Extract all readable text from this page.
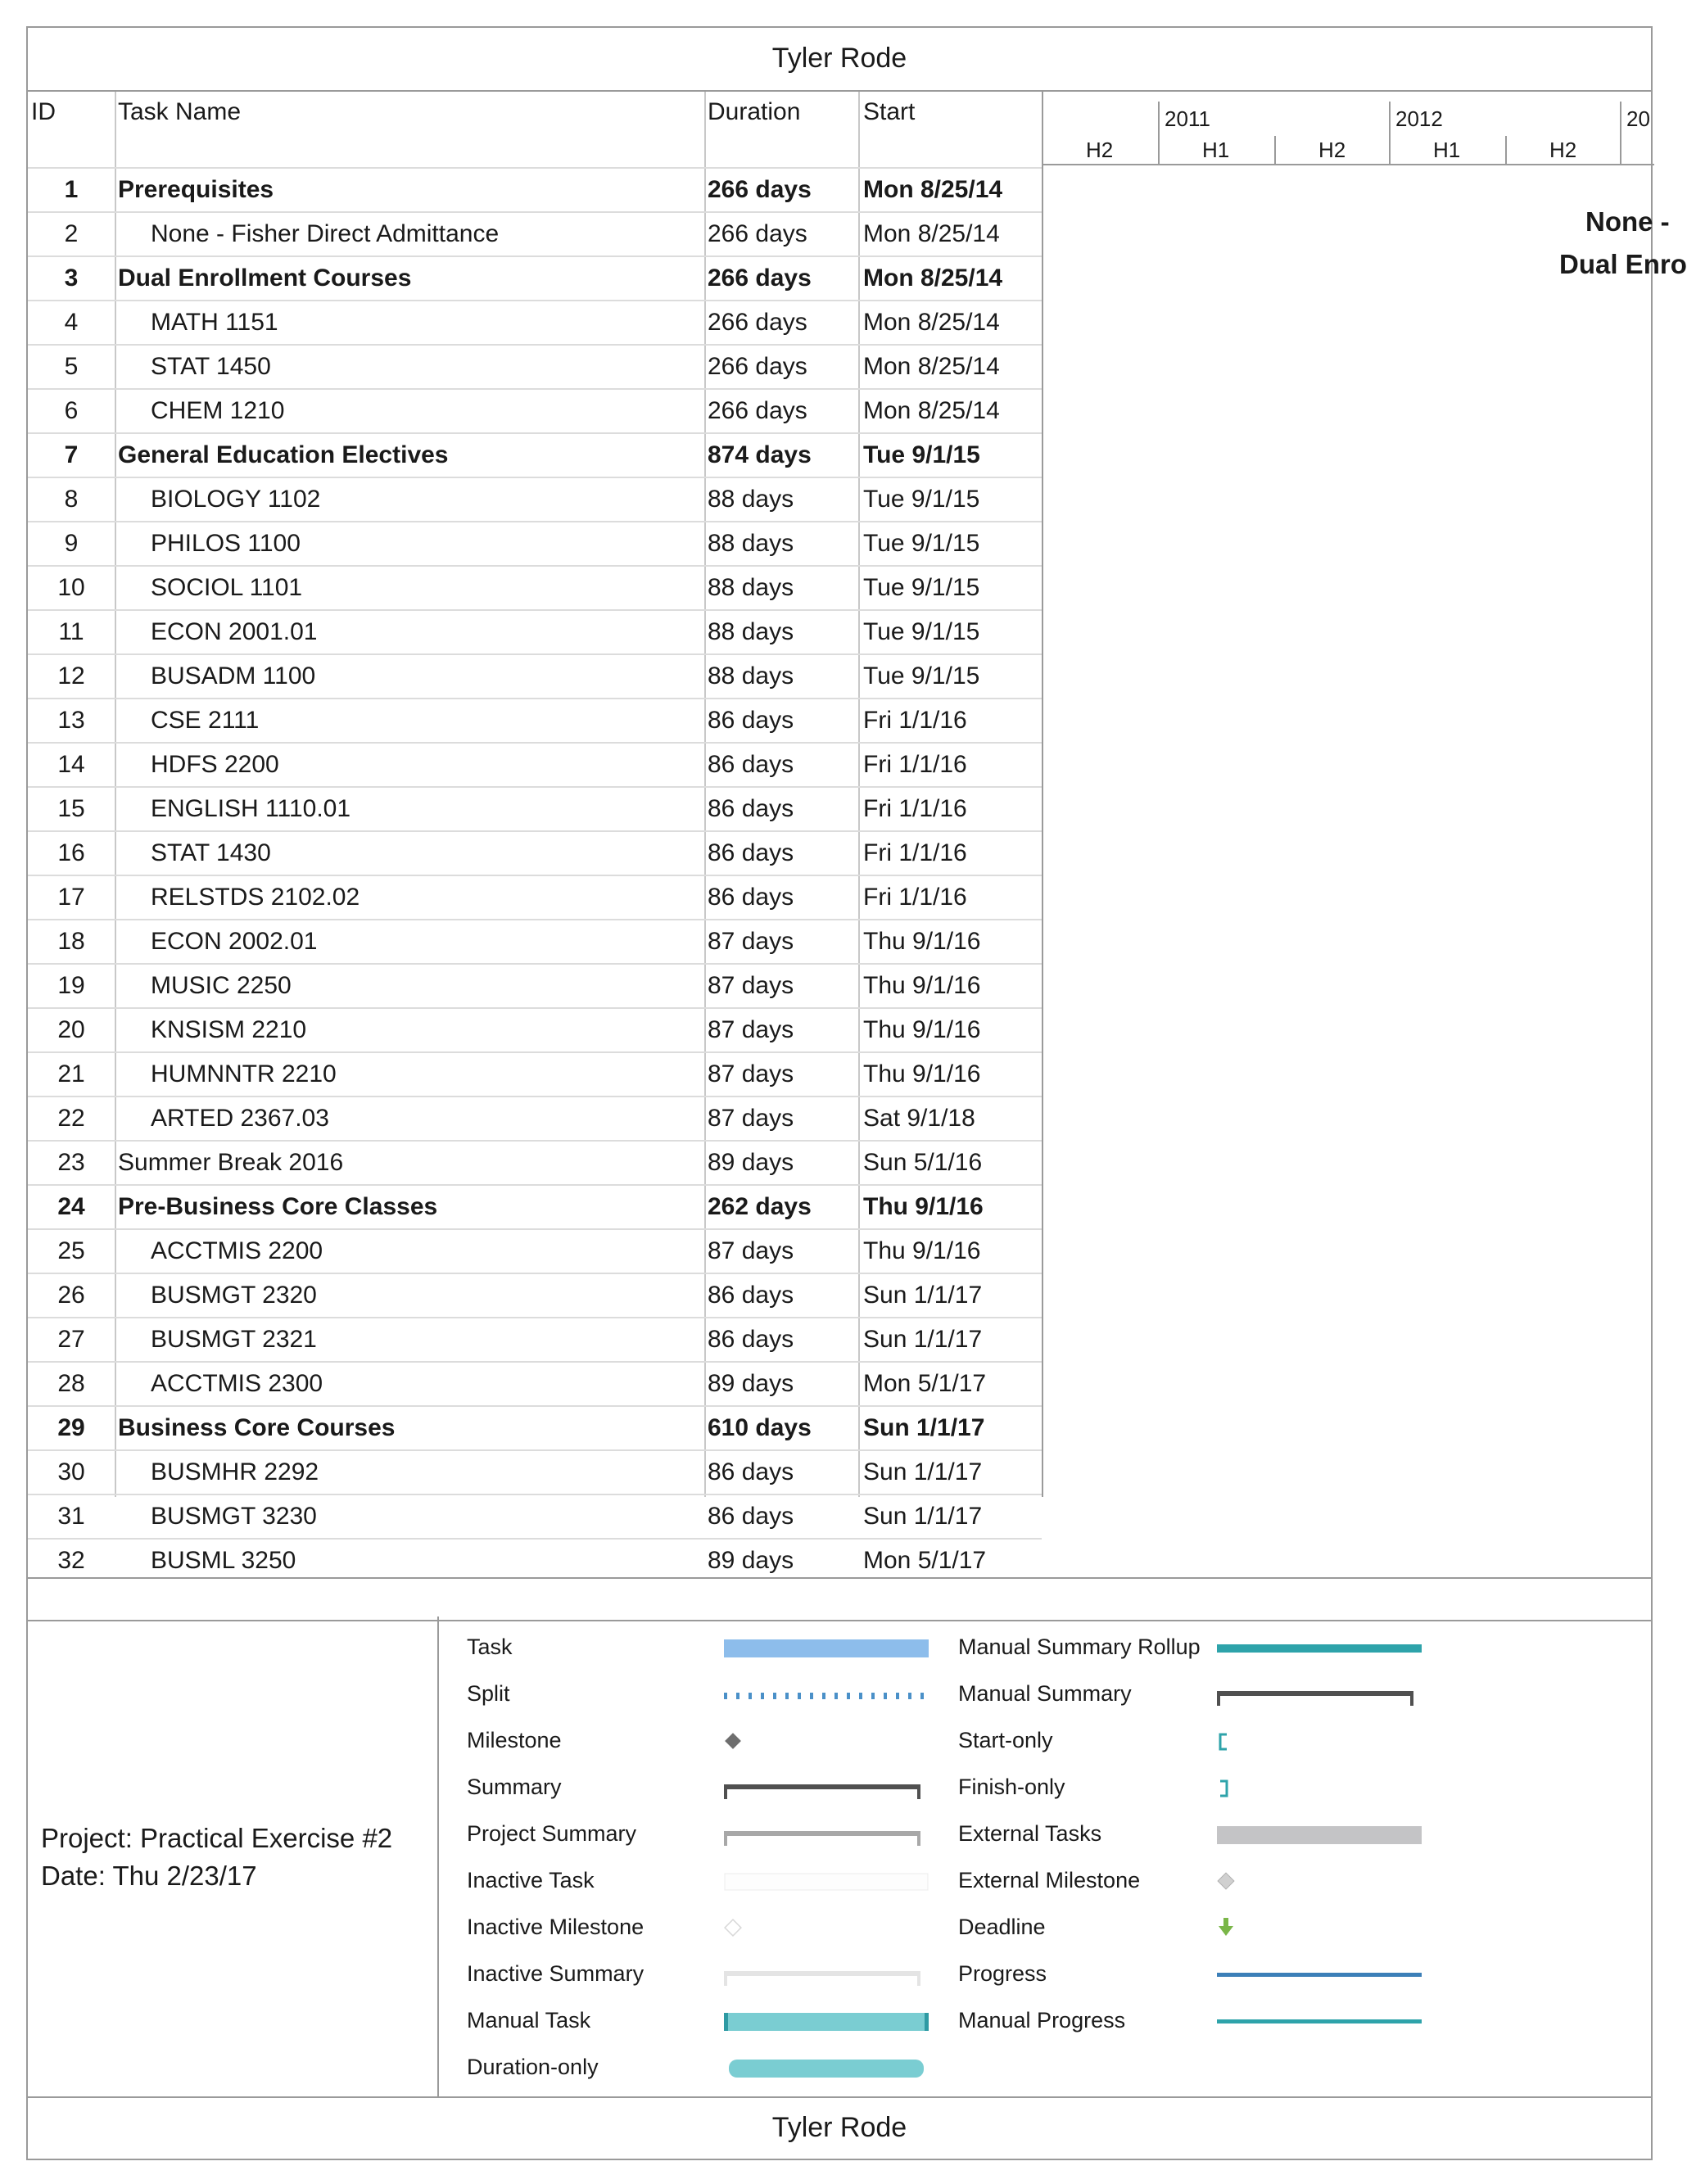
Tyler Rode
ID	Task Name	Duration	Start
1	Prerequisites	266 days Mon 8/25/14
2	None - Fisher Direct Admittance	266 days Mon 8/25/14
3	Dual Enrollment Courses	266 days Mon 8/25/14
4	MATH 1151	266 days Mon 8/25/14
5	STAT 1450	266 days Mon 8/25/14
6	CHEM 1210	266 days Mon 8/25/14
7	General Education Electives	874 days Tue 9/1/15
8	BIOLOGY 1102	88 days	Tue 9/1/15
9	PHILOS 1100	88 days	Tue 9/1/15
10	SOCIOL 1101	88 days	Tue 9/1/15
11	ECON 2001.01	88 days	Tue 9/1/15
12	BUSADM 1100	88 days	Tue 9/1/15
13	CSE 2111	86 days	Fri 1/1/16
14	HDFS 2200	86 days	Fri 1/1/16
15	ENGLISH 1110.01	86 days	Fri 1/1/16
16	STAT 1430	86 days	Fri 1/1/16
17	RELSTDS 2102.02	86 days	Fri 1/1/16
18	ECON 2002.01	87 days	Thu 9/1/16
19	MUSIC 2250	87 days	Thu 9/1/16
20	KNSISM 2210	87 days	Thu 9/1/16
21	HUMNNTR 2210	87 days	Thu 9/1/16
22	ARTED 2367.03	87 days	Sat 9/1/18
23	Summer Break 2016	89 days	Sun 5/1/16
24	Pre-Business Core Classes	262 days Thu 9/1/16
25	ACCTMIS 2200	87 days	Thu 9/1/16
26	BUSMGT 2320	86 days	Sun 1/1/17
27	BUSMGT 2321	86 days	Sun 1/1/17
28	ACCTMIS 2300	89 days	Mon 5/1/17
29	Business Core Courses	610 days Sun 1/1/17
30	BUSMHR 2292	86 days	Sun 1/1/17
31	BUSMGT 3230	86 days	Sun 1/1/17
32	BUSML 3250	89 days	Mon 5/1/17
2011	2012	20
H2	H1	H2	H1	H2
None -
Dual Enro
Project: Practical Exercise #2
Date: Thu 2/23/17
Task
Split
Milestone
Summary
Project Summary
Inactive Task
Inactive Milestone
Inactive Summary
Manual Task
Duration-only
Manual Summary Rollup
Manual Summary
Start-only
Finish-only
External Tasks
External Milestone
Deadline
Progress
Manual Progress
Tyler Rode
